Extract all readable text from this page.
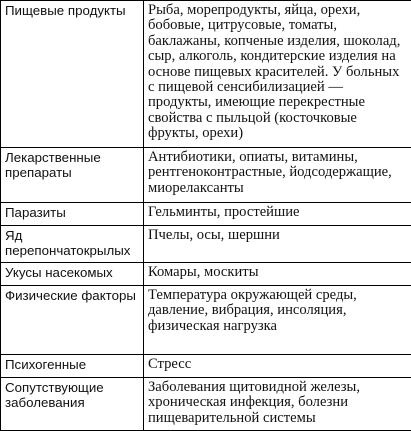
Пищевые продукты	Рыба, морепродукты, яйца, орехи, бобовые, цитрусовые, томаты, баклажаны, копченые изделия, шоколад, сыр, алкоголь, кондитерские изделия на основе пищевых красителей. У больных с пищевой сенсибилизацией — продукты, имеющие перекрестные свойства с пыльцой (косточковые фрукты, орехи)
Лекарственные препараты	Антибиотики, опиаты, витамины, рентгеноконтрастные, йодсодержащие, миорелаксанты
Паразиты	Гельминты, простейшие
Яд перепончатокрылых	Пчелы, осы, шершни
Укусы насекомых	Комары, москиты
Физические факторы	Температура окружающей среды, давление, вибрация, инсоляция, физическая нагрузка
Психогенные	Стресс
Сопутствующие заболевания	Заболевания щитовидной железы, хроническая инфекция, болезни пищеварительной системы
